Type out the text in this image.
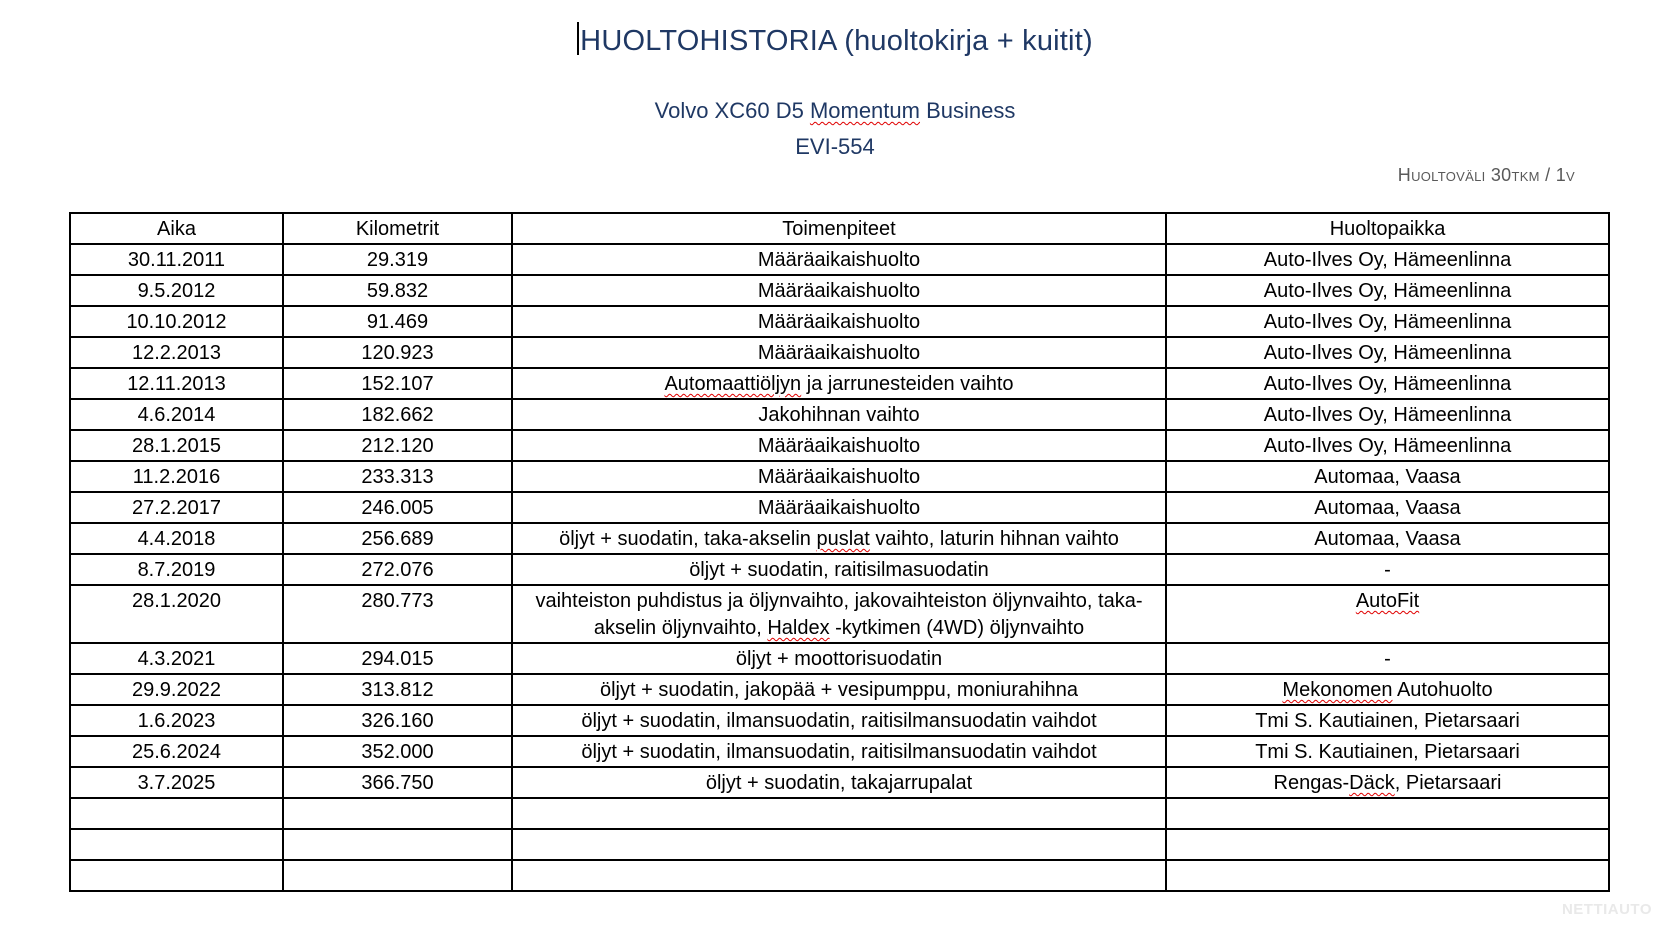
HUOLTOHISTORIA (huoltokirja + kuitit)
Volvo XC60 D5 Momentum Business
EVI-554
Huoltoväli 30tkm / 1v
Aika	Kilometrit	Toimenpiteet	Huoltopaikka
30.11.2011	29.319	Määräaikaishuolto	Auto-Ilves Oy, Hämeenlinna
9.5.2012	59.832	Määräaikaishuolto	Auto-Ilves Oy, Hämeenlinna
10.10.2012	91.469	Määräaikaishuolto	Auto-Ilves Oy, Hämeenlinna
12.2.2013	120.923	Määräaikaishuolto	Auto-Ilves Oy, Hämeenlinna
12.11.2013	152.107	Automaattiöljyn ja jarrunesteiden vaihto	Auto-Ilves Oy, Hämeenlinna
4.6.2014	182.662	Jakohihnan vaihto	Auto-Ilves Oy, Hämeenlinna
28.1.2015	212.120	Määräaikaishuolto	Auto-Ilves Oy, Hämeenlinna
11.2.2016	233.313	Määräaikaishuolto	Automaa, Vaasa
27.2.2017	246.005	Määräaikaishuolto	Automaa, Vaasa
4.4.2018	256.689	öljyt + suodatin, taka-akselin puslat vaihto, laturin hihnan vaihto	Automaa, Vaasa
8.7.2019	272.076	öljyt + suodatin, raitisilmasuodatin	-
28.1.2020	280.773	vaihteiston puhdistus ja öljynvaihto, jakovaihteiston öljynvaihto, taka-akselin öljynvaihto, Haldex -kytkimen (4WD) öljynvaihto	AutoFit
4.3.2021	294.015	öljyt + moottorisuodatin	-
29.9.2022	313.812	öljyt + suodatin, jakopää + vesipumppu, moniurahihna	Mekonomen Autohuolto
1.6.2023	326.160	öljyt + suodatin, ilmansuodatin, raitisilmansuodatin vaihdot	Tmi S. Kautiainen, Pietarsaari
25.6.2024	352.000	öljyt + suodatin, ilmansuodatin, raitisilmansuodatin vaihdot	Tmi S. Kautiainen, Pietarsaari
3.7.2025	366.750	öljyt + suodatin, takajarrupalat	Rengas-Däck, Pietarsaari

NETTIAUTO
